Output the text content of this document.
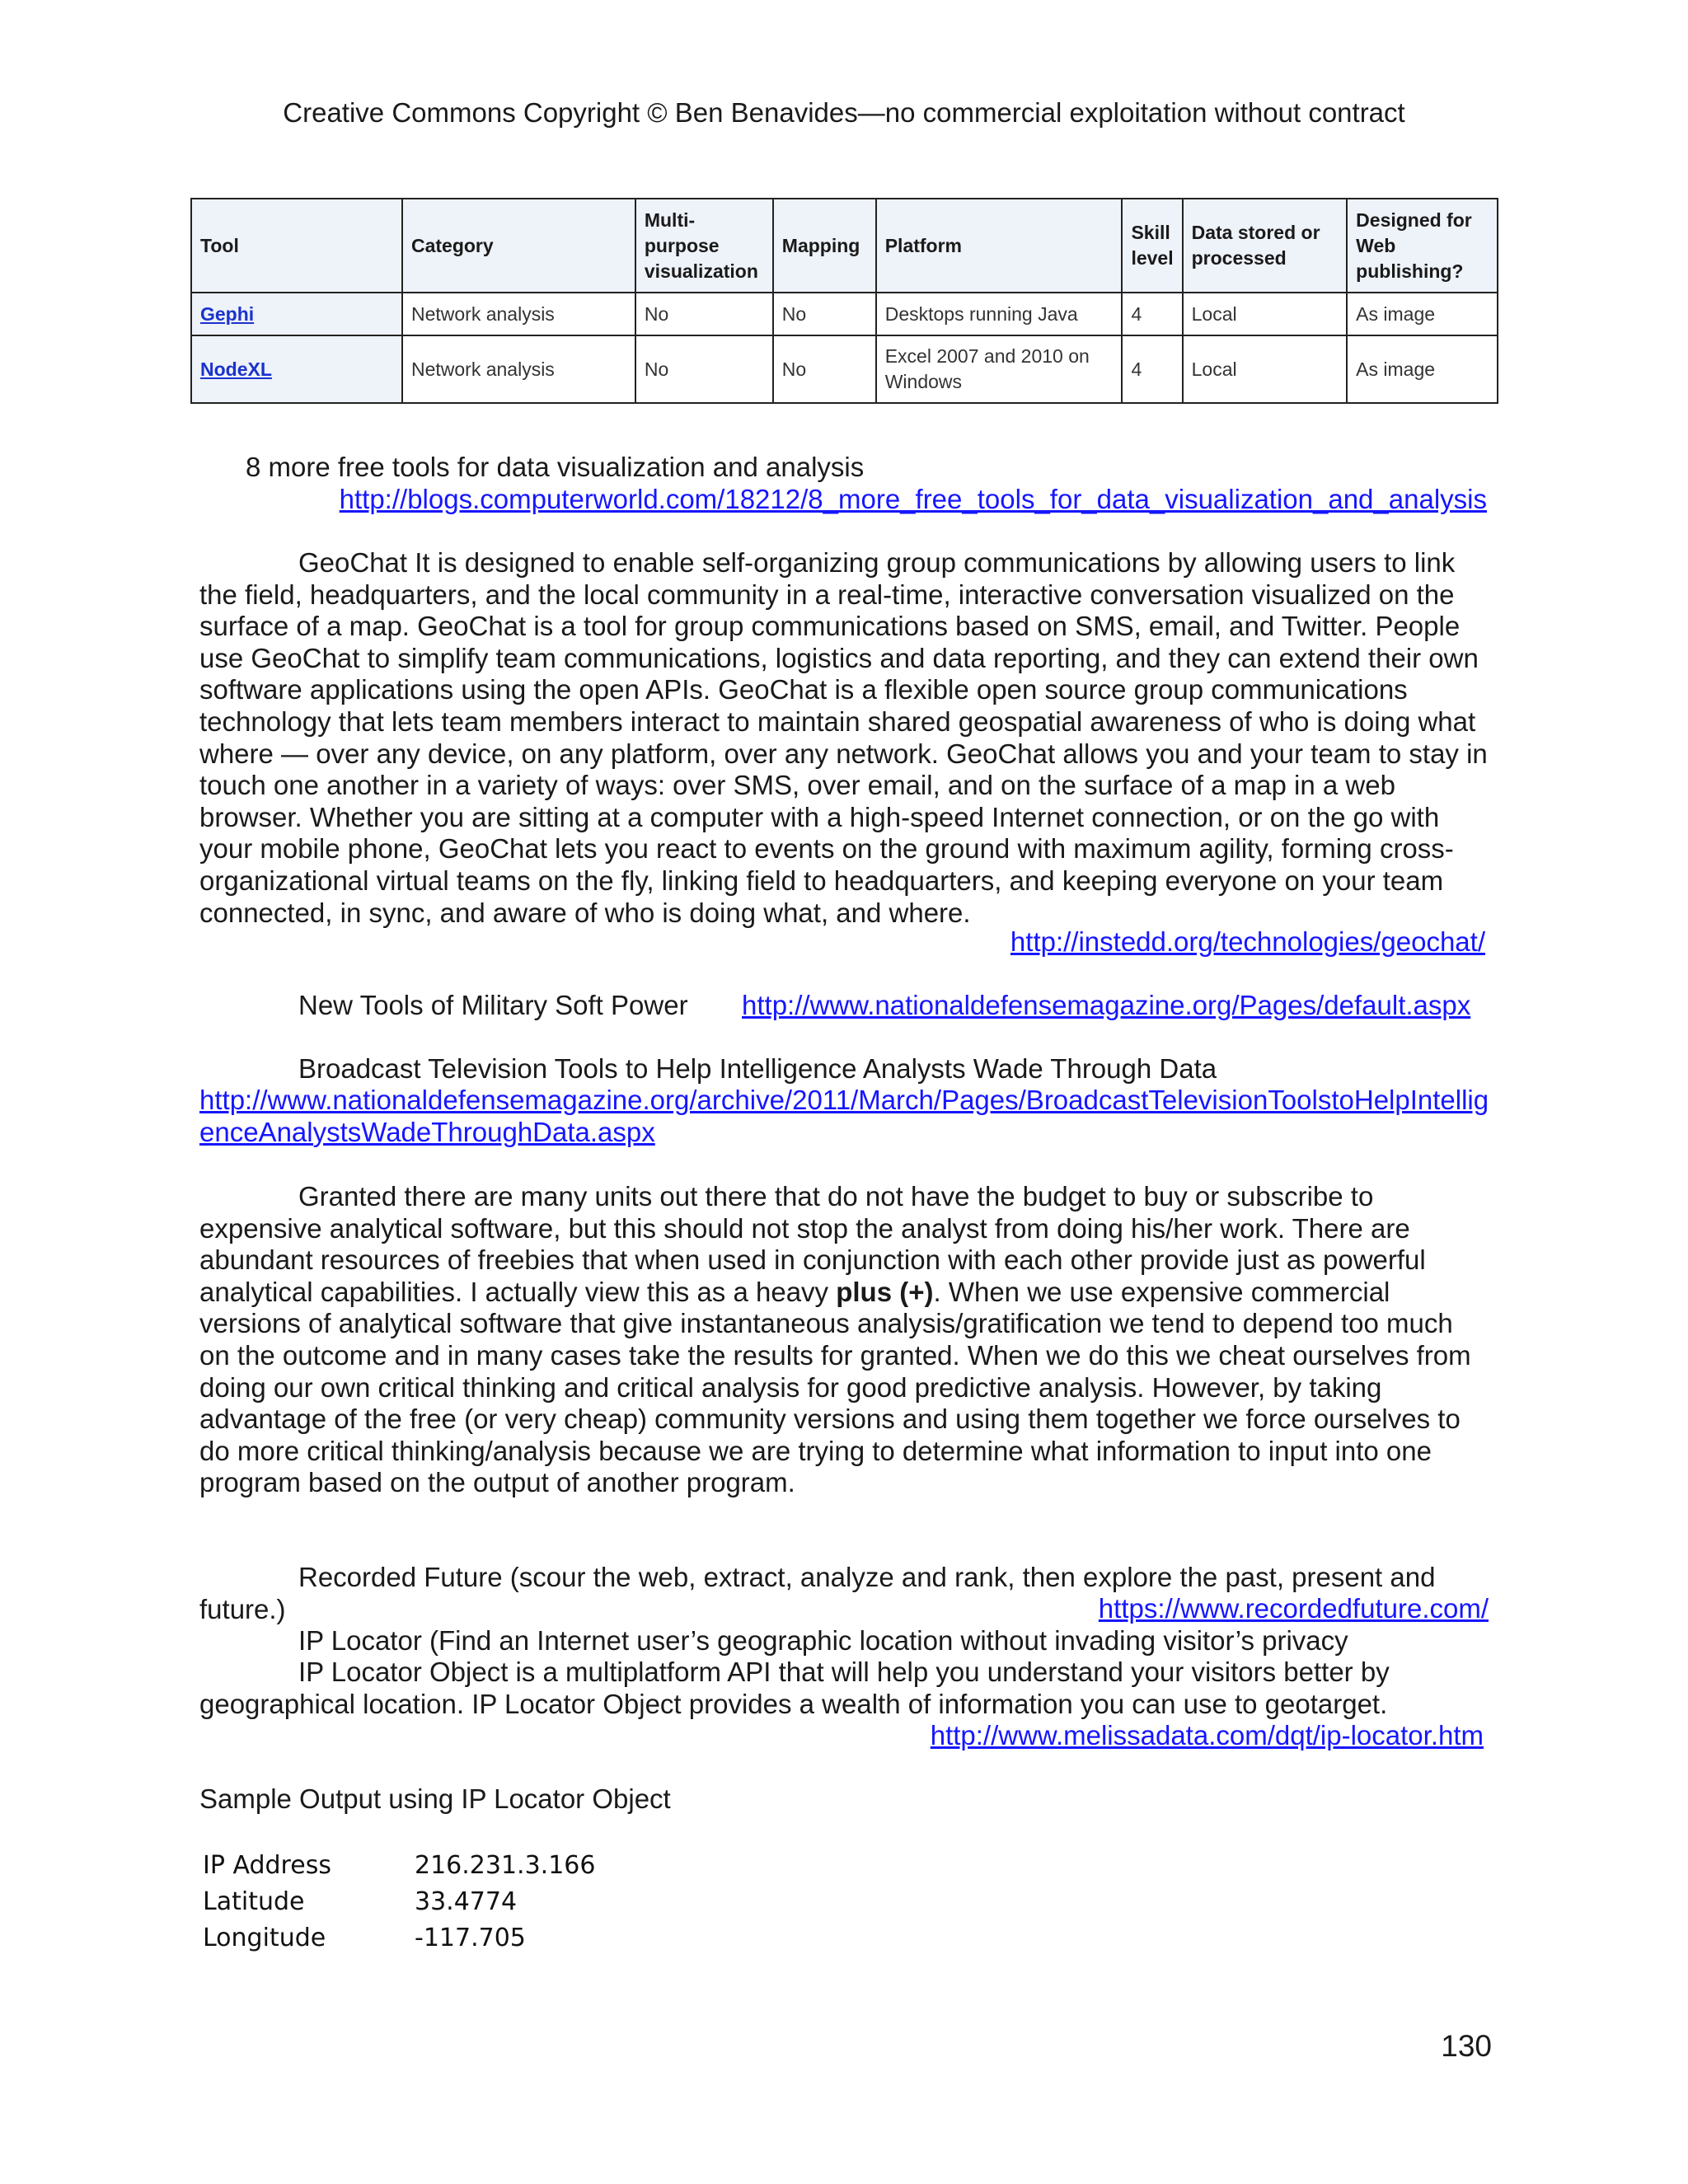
Creative Commons Copyright © Ben Benavides—no commercial exploitation without contract
Tool	Category	Multi-purpose visualization	Mapping	Platform	Skill level	Data stored or processed	Designed for Web publishing?
Gephi	Network analysis	No	No	Desktops running Java	4	Local	As image
NodeXL	Network analysis	No	No	Excel 2007 and 2010 on Windows	4	Local	As image
8 more free tools for data visualization and analysis
http://blogs.computerworld.com/18212/8_more_free_tools_for_data_visualization_and_analysis
GeoChat It is designed to enable self-organizing group communications by allowing users to link the field, headquarters, and the local community in a real-time, interactive conversation visualized on the surface of a map. GeoChat is a tool for group communications based on SMS, email, and Twitter. People use GeoChat to simplify team communications, logistics and data reporting, and they can extend their own software applications using the open APIs. GeoChat is a flexible open source group communications technology that lets team members interact to maintain shared geospatial awareness of who is doing what where — over any device, on any platform, over any network. GeoChat allows you and your team to stay in touch one another in a variety of ways: over SMS, over email, and on the surface of a map in a web browser. Whether you are sitting at a computer with a high-speed Internet connection, or on the go with your mobile phone, GeoChat lets you react to events on the ground with maximum agility, forming cross-organizational virtual teams on the fly, linking field to headquarters, and keeping everyone on your team connected, in sync, and aware of who is doing what, and where.
http://instedd.org/technologies/geochat/
New Tools of Military Soft Power http://www.nationaldefensemagazine.org/Pages/default.aspx
Broadcast Television Tools to Help Intelligence Analysts Wade Through Data
http://www.nationaldefensemagazine.org/archive/2011/March/Pages/BroadcastTelevisionToolstoHelpIntelligenceAnalystsWadeThroughData.aspx
Granted there are many units out there that do not have the budget to buy or subscribe to expensive analytical software, but this should not stop the analyst from doing his/her work. There are abundant resources of freebies that when used in conjunction with each other provide just as powerful analytical capabilities. I actually view this as a heavy plus (+). When we use expensive commercial versions of analytical software that give instantaneous analysis/gratification we tend to depend too much on the outcome and in many cases take the results for granted. When we do this we cheat ourselves from doing our own critical thinking and critical analysis for good predictive analysis. However, by taking advantage of the free (or very cheap) community versions and using them together we force ourselves to do more critical thinking/analysis because we are trying to determine what information to input into one program based on the output of another program.
Recorded Future (scour the web, extract, analyze and rank, then explore the past, present and future.)	https://www.recordedfuture.com/
IP Locator (Find an Internet user’s geographic location without invading visitor’s privacy
IP Locator Object is a multiplatform API that will help you understand your visitors better by geographical location. IP Locator Object provides a wealth of information you can use to geotarget.
http://www.melissadata.com/dqt/ip-locator.htm
Sample Output using IP Locator Object
IP Address	216.231.3.166
Latitude	33.4774
Longitude	-117.705
130
